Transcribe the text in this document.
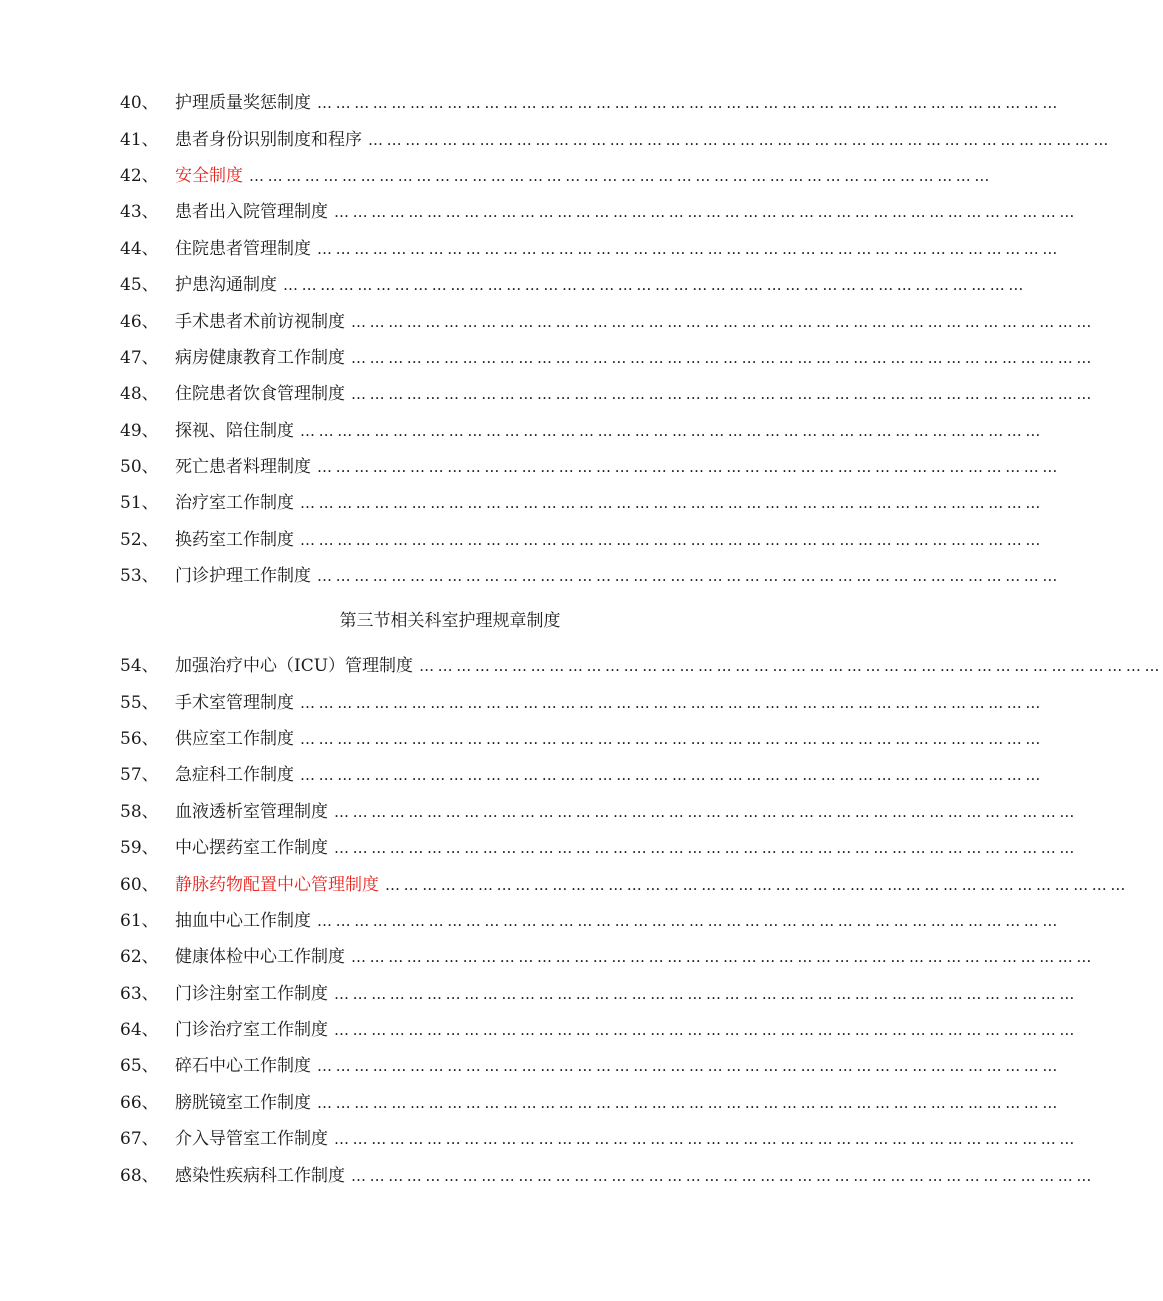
40、 护理质量奖惩制度 …………………………………………………………………………………………………………
41、 患者身份识别制度和程序 …………………………………………………………………………………………………………
42、 安全制度 …………………………………………………………………………………………………………
43、 患者出入院管理制度 …………………………………………………………………………………………………………
44、 住院患者管理制度 …………………………………………………………………………………………………………
45、 护患沟通制度 …………………………………………………………………………………………………………
46、 手术患者术前访视制度 …………………………………………………………………………………………………………
47、 病房健康教育工作制度 …………………………………………………………………………………………………………
48、 住院患者饮食管理制度 …………………………………………………………………………………………………………
49、 探视、陪住制度 …………………………………………………………………………………………………………
50、 死亡患者料理制度 …………………………………………………………………………………………………………
51、 治疗室工作制度 …………………………………………………………………………………………………………
52、 换药室工作制度 …………………………………………………………………………………………………………
53、 门诊护理工作制度 …………………………………………………………………………………………………………
第三节相关科室护理规章制度
54、 加强治疗中心（ICU）管理制度 …………………………………………………………………………………………………………
55、 手术室管理制度 …………………………………………………………………………………………………………
56、 供应室工作制度 …………………………………………………………………………………………………………
57、 急症科工作制度 …………………………………………………………………………………………………………
58、 血液透析室管理制度 …………………………………………………………………………………………………………
59、 中心摆药室工作制度 …………………………………………………………………………………………………………
60、 静脉药物配置中心管理制度 …………………………………………………………………………………………………………
61、 抽血中心工作制度 …………………………………………………………………………………………………………
62、 健康体检中心工作制度 …………………………………………………………………………………………………………
63、 门诊注射室工作制度 …………………………………………………………………………………………………………
64、 门诊治疗室工作制度 …………………………………………………………………………………………………………
65、 碎石中心工作制度 …………………………………………………………………………………………………………
66、 膀胱镜室工作制度 …………………………………………………………………………………………………………
67、 介入导管室工作制度 …………………………………………………………………………………………………………
68、 感染性疾病科工作制度 …………………………………………………………………………………………………………
